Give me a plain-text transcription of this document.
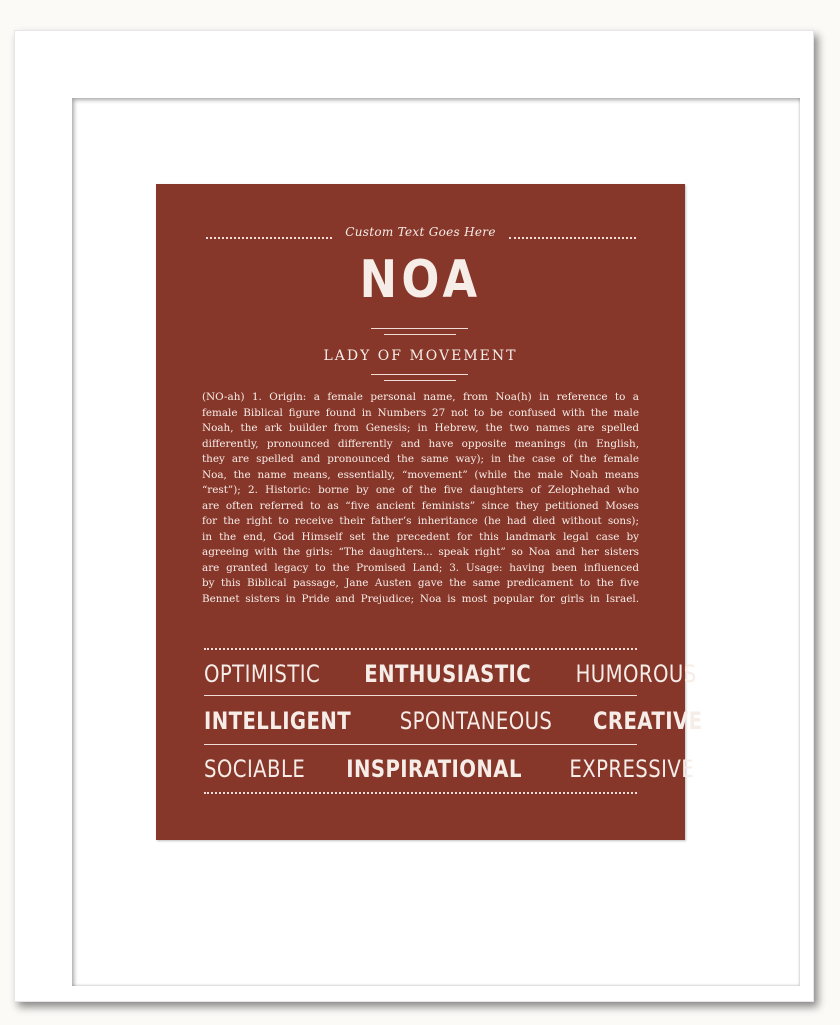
Custom Text Goes Here
NOA
LADY OF MOVEMENT
(NO-ah) 1. Origin: a female personal name, from Noa(h) in reference to a
female Biblical figure found in Numbers 27 not to be confused with the male
Noah, the ark builder from Genesis; in Hebrew, the two names are spelled
differently, pronounced differently and have opposite meanings (in English,
they are spelled and pronounced the same way); in the case of the female
Noa, the name means, essentially, “movement” (while the male Noah means
“rest”); 2. Historic: borne by one of the five daughters of Zelophehad who
are often referred to as “five ancient feminists” since they petitioned Moses
for the right to receive their father’s inheritance (he had died without sons);
in the end, God Himself set the precedent for this landmark legal case by
agreeing with the girls: “The daughters... speak right” so Noa and her sisters
are granted legacy to the Promised Land; 3. Usage: having been influenced
by this Biblical passage, Jane Austen gave the same predicament to the five
Bennet sisters in Pride and Prejudice; Noa is most popular for girls in Israel.
OPTIMISTIC ENTHUSIASTIC HUMOROUS
INTELLIGENT SPONTANEOUS CREATIVE
SOCIABLE INSPIRATIONAL EXPRESSIVE
